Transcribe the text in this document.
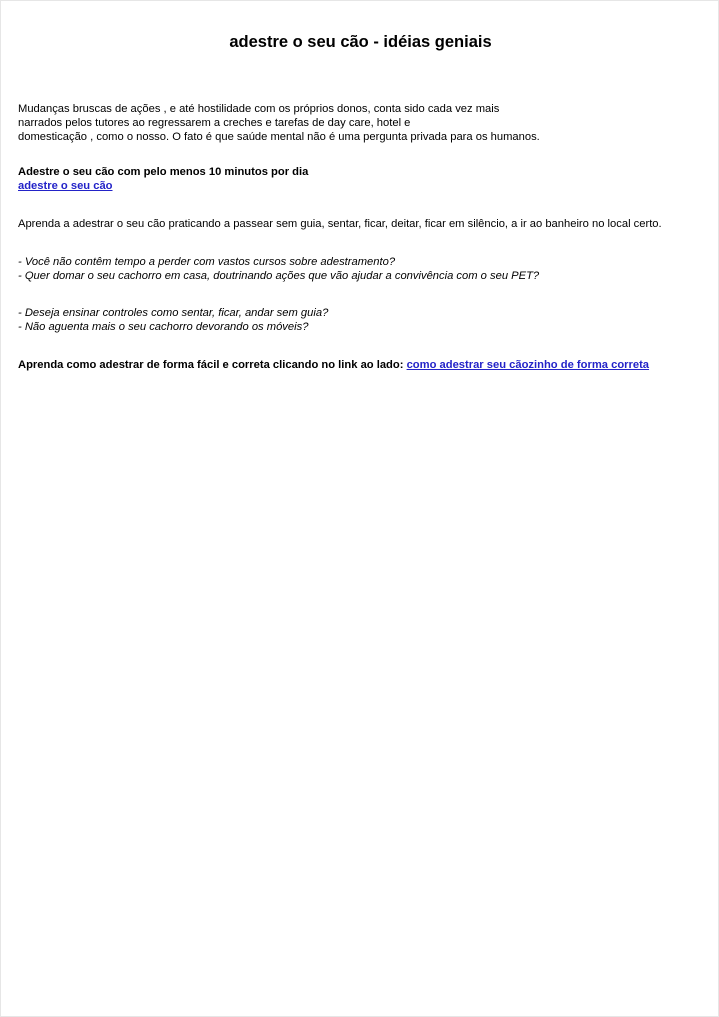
adestre o seu cão - idéias geniais

Mudanças bruscas de ações , e até hostilidade com os próprios donos, conta sido cada vez mais
narrados pelos tutores ao regressarem a creches e tarefas de day care, hotel e
domesticação , como o nosso. O fato é que saúde mental não é uma pergunta privada para os humanos.

Adestre o seu cão com pelo menos 10 minutos por dia
adestre o seu cão

Aprenda a adestrar o seu cão praticando a passear sem guia, sentar, ficar, deitar, ficar em silêncio, a ir ao banheiro no local certo.

- Você não contêm tempo a perder com vastos cursos sobre adestramento?
- Quer domar o seu cachorro em casa, doutrinando ações que vão ajudar a convivência com o seu PET?

- Deseja ensinar controles como sentar, ficar, andar sem guia?
- Não aguenta mais o seu cachorro devorando os móveis?

Aprenda como adestrar de forma fácil e correta clicando no link ao lado: como adestrar seu cãozinho de forma correta
